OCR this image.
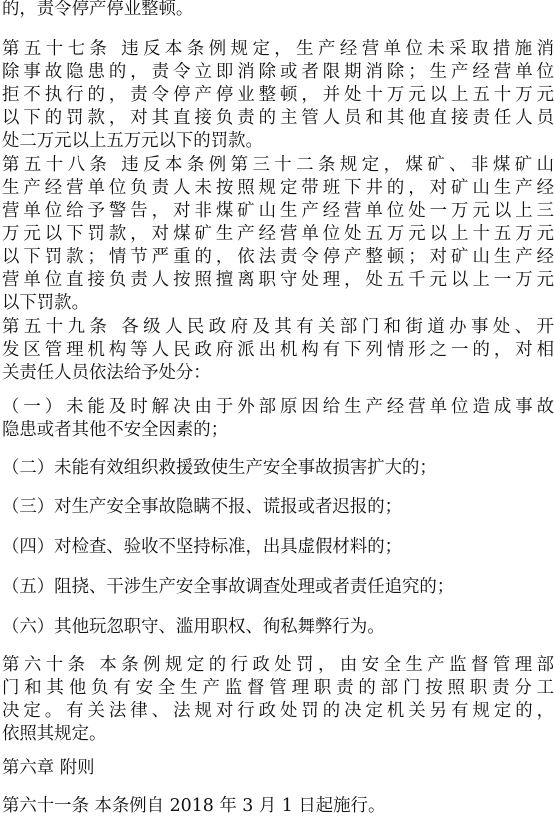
的，责令停产停业整顿。
第五十七条 违反本条例规定，生产经营单位未采取措施消
除事故隐患的，责令立即消除或者限期消除；生产经营单位
拒不执行的，责令停产停业整顿，并处十万元以上五十万元
以下的罚款，对其直接负责的主管人员和其他直接责任人员
处二万元以上五万元以下的罚款。
第五十八条 违反本条例第三十二条规定，煤矿、非煤矿山
生产经营单位负责人未按照规定带班下井的，对矿山生产经
营单位给予警告，对非煤矿山生产经营单位处一万元以上三
万元以下罚款，对煤矿生产经营单位处五万元以上十五万元
以下罚款；情节严重的，依法责令停产整顿；对矿山生产经
营单位直接负责人按照擅离职守处理，处五千元以上一万元
以下罚款。
第五十九条 各级人民政府及其有关部门和街道办事处、开
发区管理机构等人民政府派出机构有下列情形之一的，对相
关责任人员依法给予处分：
（一）未能及时解决由于外部原因给生产经营单位造成事故
隐患或者其他不安全因素的；
（二）未能有效组织救援致使生产安全事故损害扩大的；
（三）对生产安全事故隐瞒不报、谎报或者迟报的；
（四）对检查、验收不坚持标准，出具虚假材料的；
（五）阻挠、干涉生产安全事故调查处理或者责任追究的；
（六）其他玩忽职守、滥用职权、徇私舞弊行为。
第六十条 本条例规定的行政处罚，由安全生产监督管理部
门和其他负有安全生产监督管理职责的部门按照职责分工
决定。有关法律、法规对行政处罚的决定机关另有规定的，
依照其规定。
第六章 附则
第六十一条 本条例自 2018 年 3 月 1 日起施行。
